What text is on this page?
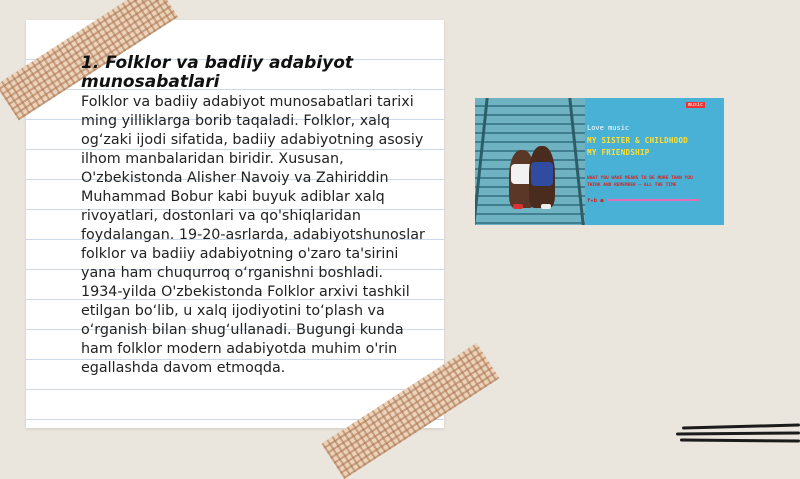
1. Folklor va badiiy adabiyot munosabatlari

Folklor va badiiy adabiyot munosabatlari tarixi ming yilliklarga borib taqaladi. Folklor, xalq og‘zaki ijodi sifatida, badiiy adabiyotning asosiy ilhom manbalaridan biridir. Xususan, O'zbekistonda Alisher Navoiy va Zahiriddin Muhammad Bobur kabi buyuk adiblar xalq rivoyatlari, dostonlari va qo'shiqlaridan foydalangan. 19-20-asrlarda, adabiyotshunoslar folklor va badiiy adabiyotning o'zaro ta'sirini yana ham chuqurroq o‘rganishni boshladi. 1934-yilda O'zbekistonda Folklor arxivi tashkil etilgan bo‘lib, u xalq ijodiyotini to‘plash va o‘rganish bilan shug‘ullanadi. Bugungi kunda ham folklor modern adabiyotda muhim o'rin egallashda davom etmoqda.

music
Love music
MY SISTER & CHILDHOOD
MY FRIENDSHIP
WHAT YOU HAVE MEANS TO BE MORE THAN YOU
THINK AND REMEMBER — ALL THE TIME
f★b ●
